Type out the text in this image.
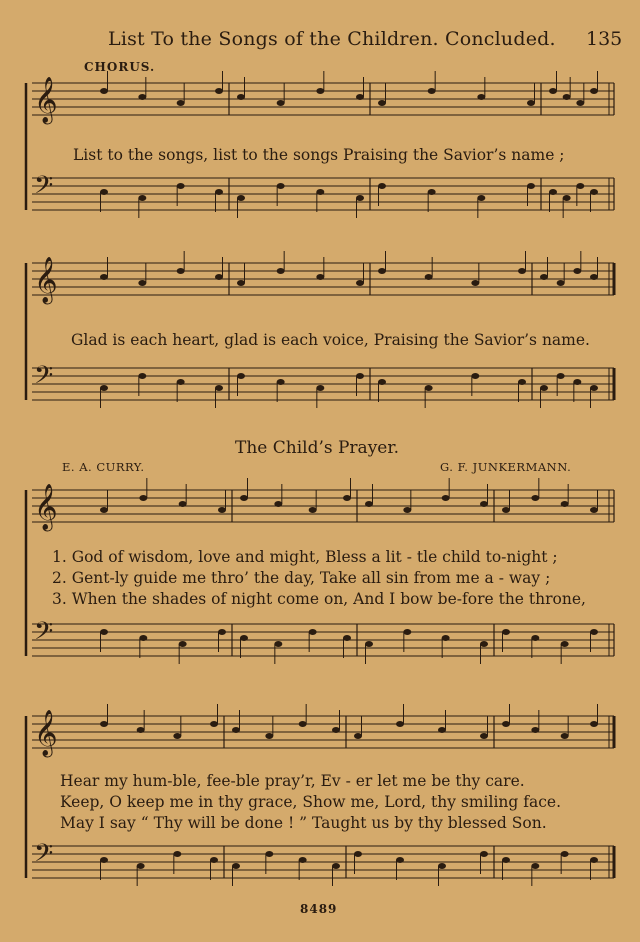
List To the Songs of the Children. Concluded. 135
CHORUS.
𝄞
𝄢
𝄞
𝄢
𝄞
𝄢
𝄞
𝄢
List to the songs, list to the songs Praising the Savior’s name ;
Glad is each heart, glad is each voice, Praising the Savior’s name.
The Child’s Prayer.
E. A. CURRY.	G. F. JUNKERMANN.
1. God of wisdom, love and might, Bless a lit - tle child to-night ;
2. Gent-ly guide me thro’ the day, Take all sin from me a - way ;
3. When the shades of night come on, And I bow be-fore the throne,
Hear my hum-ble, fee-ble pray’r, Ev - er let me be thy care.
Keep, O keep me in thy grace, Show me, Lord, thy smiling face.
May I say “ Thy will be done ! ” Taught us by thy blessed Son.
8489
